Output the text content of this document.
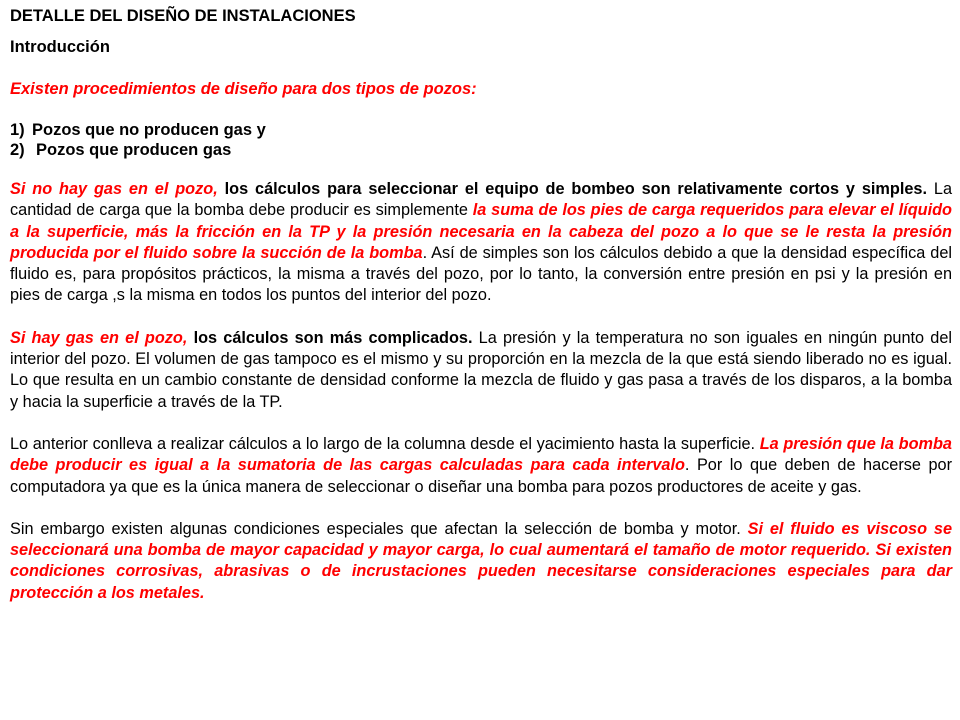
DETALLE DEL DISEÑO DE INSTALACIONES
Introducción
Existen procedimientos de diseño para dos tipos de pozos:
1) Pozos que no producen gas y
2) Pozos que producen gas

Si no hay gas en el pozo, los cálculos para seleccionar el equipo de bombeo son relativamente cortos y simples. La cantidad de carga que la bomba debe producir es simplemente la suma de los pies de carga requeridos para elevar el líquido a la superficie, más la fricción en la TP y la presión necesaria en la cabeza del pozo a lo que se le resta la presión producida por el fluido sobre la succión de la bomba. Así de simples son los cálculos debido a que la densidad específica del fluido es, para propósitos prácticos, la misma a través del pozo, por lo tanto, la conversión entre presión en psi y la presión en pies de carga ,s la misma en todos los puntos del interior del pozo.

Si hay gas en el pozo, los cálculos son más complicados. La presión y la temperatura no son iguales en ningún punto del interior del pozo. El volumen de gas tampoco es el mismo y su proporción en la mezcla de la que está siendo liberado no es igual. Lo que resulta en un cambio constante de densidad conforme la mezcla de fluido y gas pasa a través de los disparos, a la bomba y hacia la superficie a través de la TP.

Lo anterior conlleva a realizar cálculos a lo largo de la columna desde el yacimiento hasta la superficie. La presión que la bomba debe producir es igual a la sumatoria de las cargas calculadas para cada intervalo. Por lo que deben de hacerse por computadora ya que es la única manera de seleccionar o diseñar una bomba para pozos productores de aceite y gas.

Sin embargo existen algunas condiciones especiales que afectan la selección de bomba y motor. Si el fluido es viscoso se seleccionará una bomba de mayor capacidad y mayor carga, lo cual aumentará el tamaño de motor requerido. Si existen condiciones corrosivas, abrasivas o de incrustaciones pueden necesitarse consideraciones especiales para dar protección a los metales.
